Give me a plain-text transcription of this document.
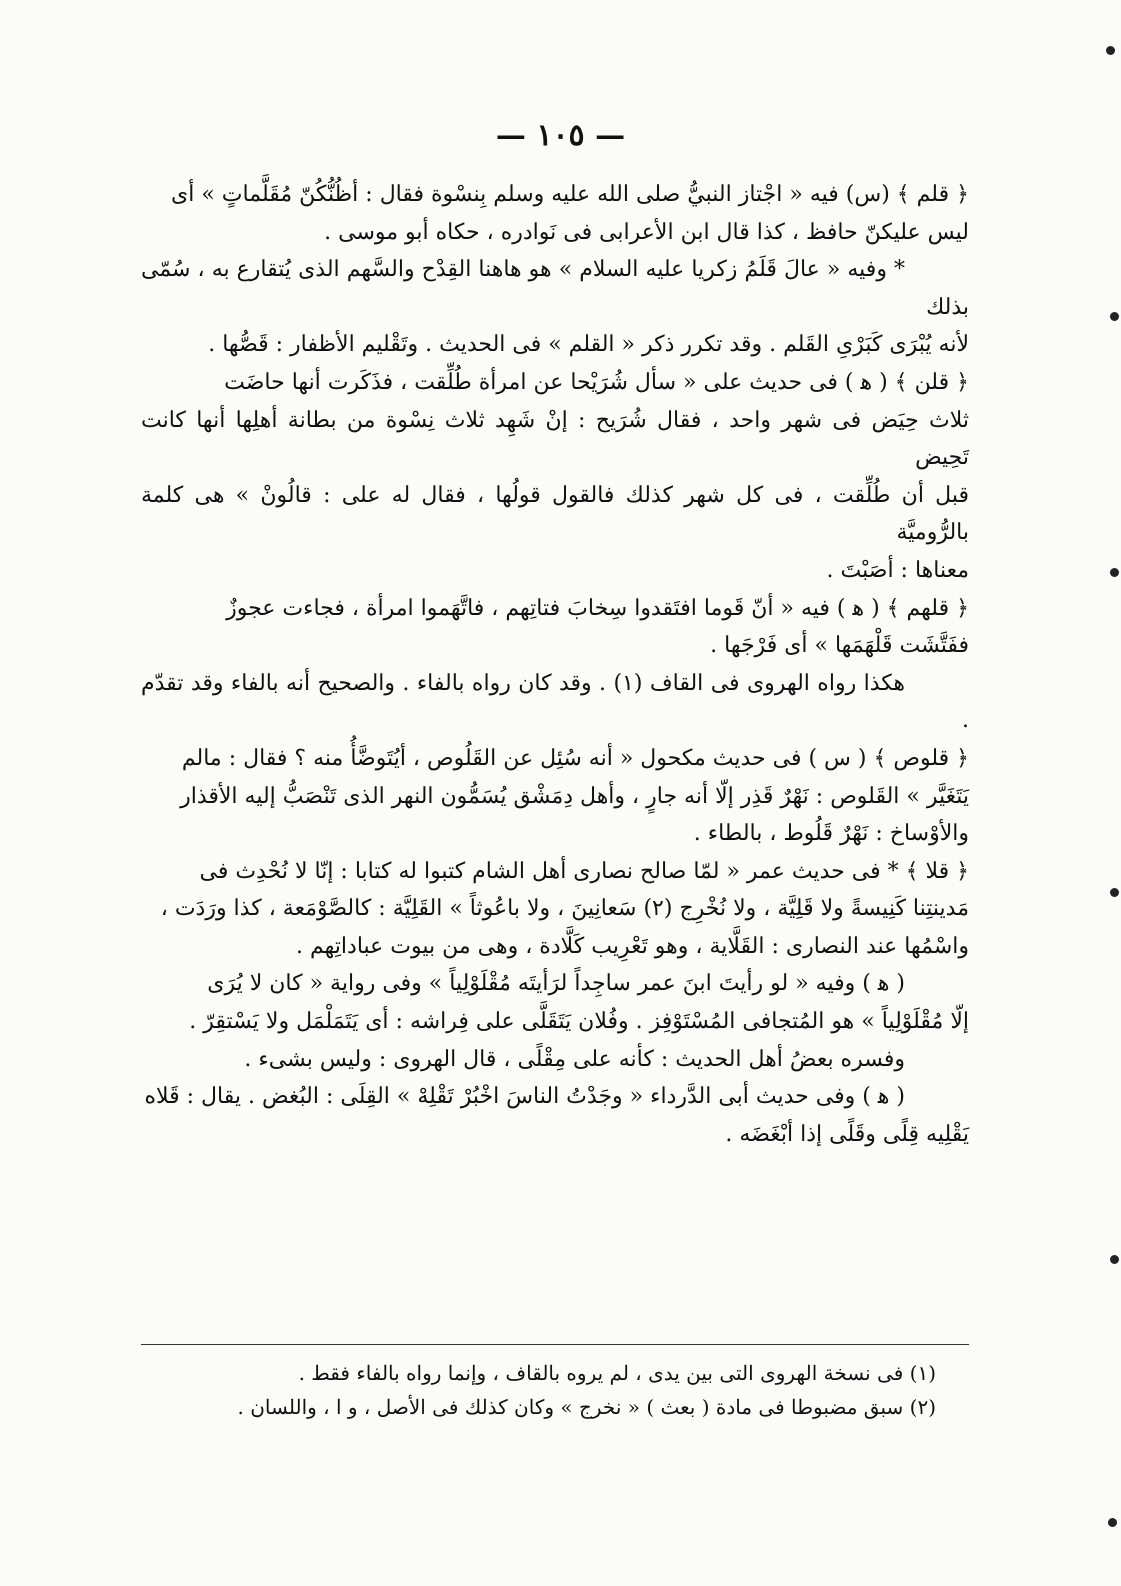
— ١٠٥ —

﴿ قلم ﴾ (س) فيه « اجْتاز النبيُّ صلى الله عليه وسلم بِنسْوة فقال : أظُنُّكُنّ مُقَلَّماتٍ » أى

ليس عليكنّ حافظ ، كذا قال ابن الأعرابى فى نَوادره ، حكاه أبو موسى .

* وفيه « عالَ قَلَمُ زكريا عليه السلام » هو هاهنا القِدْح والسَّهم الذى يُتقارع به ، سُمّى بذلك

لأنه يُبْرَى كَبَرْىِ القَلم . وقد تكرر ذكر « القلم » فى الحديث . وتَقْليم الأظفار : قَصُّها .

﴿ قلن ﴾ ( ﻫ ) فى حديث على « سأل شُرَيْحا عن امرأة طُلِّقت ، فذَكَرت أنها حاضَت

ثلاث حِيَض فى شهر واحد ، فقال شُرَيح : إنْ شَهِد ثلاث نِسْوة من بطانة أهلِها أنها كانت تَحِيض

قبل أن طُلِّقت ، فى كل شهر كذلك فالقول قولُها ، فقال له على : قالُونْ » هى كلمة بالرُّوميَّة

معناها : أصَبْتَ .

﴿ قلهم ﴾ ( ﻫ ) فيه « أنّ قَوما افتَقدوا سِخابَ فتاتِهم ، فاتَّهَموا امرأة ، فجاءت عجوزٌ

ففَتَّشَت قَلْهَمَها » أى فَرْجَها .

هكذا رواه الهروى فى القاف (١) . وقد كان رواه بالفاء . والصحيح أنه بالفاء وقد تقدّم .

﴿ قلوص ﴾ ( س ) فى حديث مكحول « أنه سُئِل عن القَلُوص ، أيُتَوضَّأُ منه ؟ فقال : مالم

يَتَغَيَّر » القَلوص : نَهْرٌ قَذِر إلّا أنه جارٍ ، وأهل دِمَشْق يُسَمُّون النهر الذى تَنْصَبُّ إليه الأقذار

والأوْساخ : نَهْرٌ قَلُوط ، بالطاء .

﴿ قلا ﴾ * فى حديث عمر « لمّا صالح نصارى أهل الشام كتبوا له كتابا : إنّا لا نُحْدِث فى

مَدينتِنا كَنِيسةً ولا قَلِيَّة ، ولا نُخْرِج (٢) سَعانِينَ ، ولا باعُوثاً » القَلِيَّة : كالصَّوْمَعة ، كذا ورَدَت ،

واسْمُها عند النصارى : القَلَّاية ، وهو تَعْرِيب كَلَّادة ، وهى من بيوت عباداتِهم .

( ﻫ ) وفيه « لو رأيتَ ابنَ عمر ساجِداً لرَأيتَه مُقْلَوْلِياً » وفى رواية « كان لا يُرَى

إلّا مُقْلَوْلِياً » هو المُتجافى المُسْتَوْفِز . وفُلان يَتَقَلَّى على فِراشه : أى يَتَمَلْمَل ولا يَسْتقِرّ .

وفسره بعضُ أهل الحديث : كأنه على مِقْلًى ، قال الهروى : وليس بشىء .

( ﻫ ) وفى حديث أبى الدَّرداء « وجَدْتُ الناسَ اخْبُرْ تَقْلِهْ » القِلَى : البُغض . يقال : قَلاه

يَقْلِيه قِلًى وقَلًى إذا أبْغَضَه .

(١) فى نسخة الهروى التى بين يدى ، لم يروه بالقاف ، وإنما رواه بالفاء فقط .

(٢) سبق مضبوطا فى مادة ( بعث ) « نخرج » وكان كذلك فى الأصل ، و ا ، واللسان .
